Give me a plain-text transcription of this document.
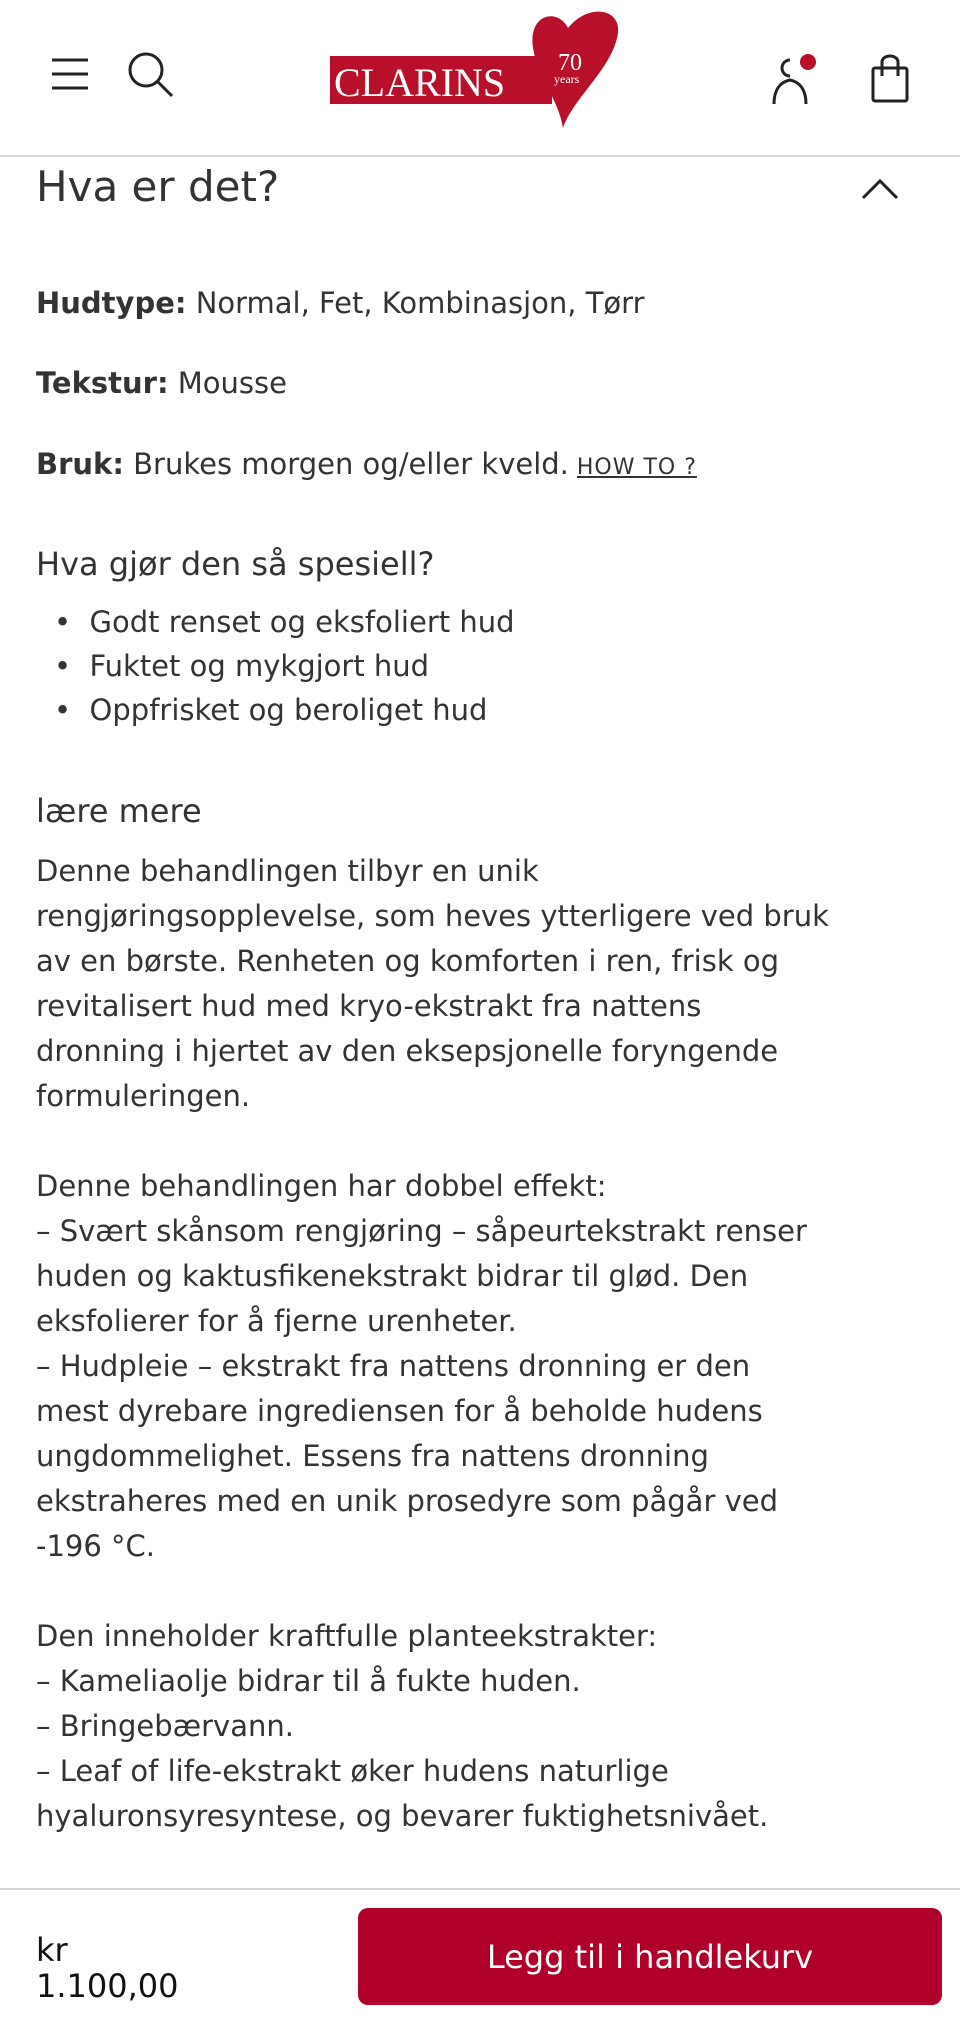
CLARINS 70
years
Hva er det?
Hudtype: Normal, Fet, Kombinasjon, Tørr
Tekstur: Mousse
Bruk: Brukes morgen og/eller kveld. HOW TO ?
Hva gjør den så spesiell?
•  Godt renset og eksfoliert hud
•  Fuktet og mykgjort hud
•  Oppfrisket og beroliget hud
lære mere
Denne behandlingen tilbyr en unik
rengjøringsopplevelse, som heves ytterligere ved bruk
av en børste. Renheten og komforten i ren, frisk og
revitalisert hud med kryo-ekstrakt fra nattens
dronning i hjertet av den eksepsjonelle foryngende
formuleringen.

Denne behandlingen har dobbel effekt:
– Svært skånsom rengjøring – såpeurtekstrakt renser
huden og kaktusfikenekstrakt bidrar til glød. Den
eksfolierer for å fjerne urenheter.
– Hudpleie – ekstrakt fra nattens dronning er den
mest dyrebare ingrediensen for å beholde hudens
ungdommelighet. Essens fra nattens dronning
ekstraheres med en unik prosedyre som pågår ved
-196 °C.

Den inneholder kraftfulle planteekstrakter:
– Kameliaolje bidrar til å fukte huden.
– Bringebærvann.
– Leaf of life-ekstrakt øker hudens naturlige
hyaluronsyresyntese, og bevarer fuktighetsnivået.
kr
1.100,00
Legg til i handlekurv
